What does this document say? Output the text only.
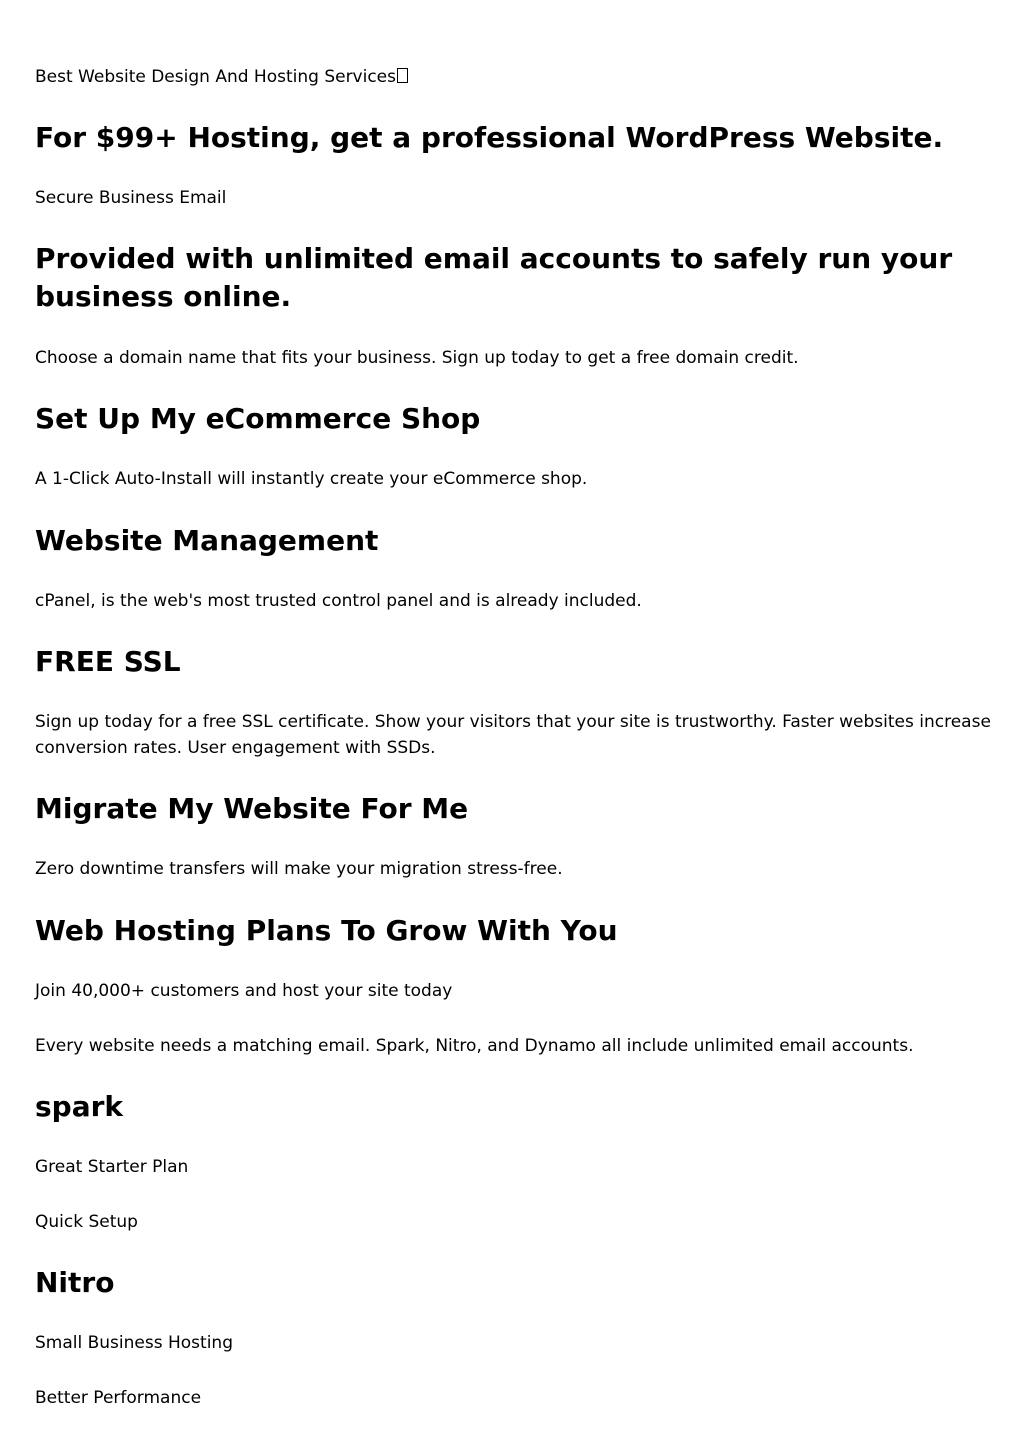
Best Website Design And Hosting Services

For $99+ Hosting, get a professional WordPress Website.

Secure Business Email

Provided with unlimited email accounts to safely run your business online.

Choose a domain name that fits your business. Sign up today to get a free domain credit.

Set Up My eCommerce Shop

A 1-Click Auto-Install will instantly create your eCommerce shop.

Website Management

cPanel, is the web's most trusted control panel and is already included.

FREE SSL

Sign up today for a free SSL certificate. Show your visitors that your site is trustworthy. Faster websites increase conversion rates. User engagement with SSDs.

Migrate My Website For Me

Zero downtime transfers will make your migration stress-free.

Web Hosting Plans To Grow With You

Join 40,000+ customers and host your site today

Every website needs a matching email. Spark, Nitro, and Dynamo all include unlimited email accounts.

spark

Great Starter Plan

Quick Setup

Nitro

Small Business Hosting

Better Performance
